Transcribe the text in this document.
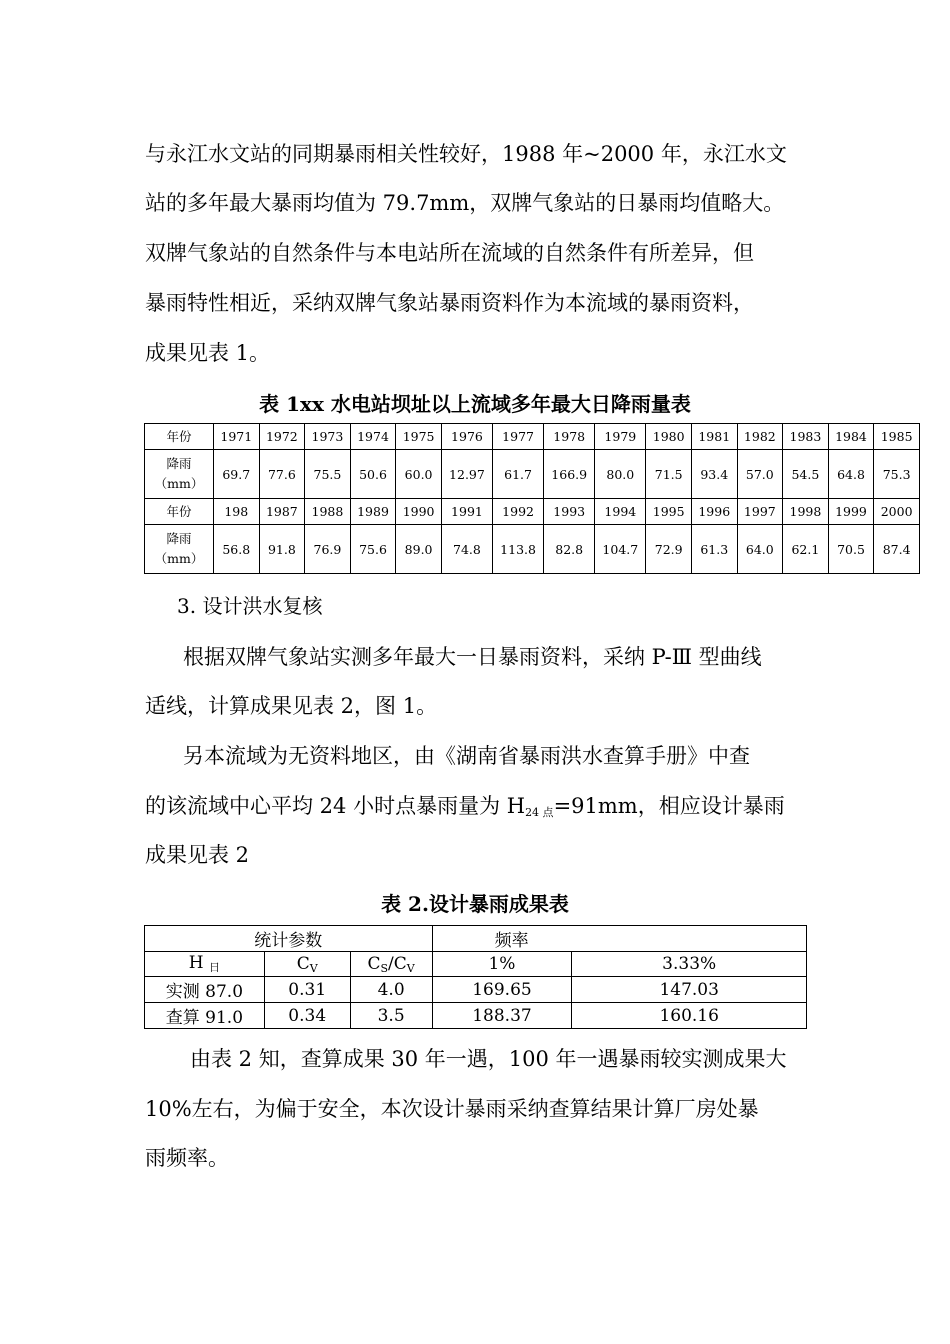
与永江水文站的同期暴雨相关性较好，1988 年~2000 年，永江水文
站的多年最大暴雨均值为 79.7mm，双牌气象站的日暴雨均值略大。
双牌气象站的自然条件与本电站所在流域的自然条件有所差异，但
暴雨特性相近，采纳双牌气象站暴雨资料作为本流域的暴雨资料，
成果见表 1。
表 1xx 水电站坝址以上流域多年最大日降雨量表
年份	1971	1972	1973	1974	1975	1976	1977	1978	1979	1980	1981	1982	1983	1984	1985
降雨
（mm）	69.7	77.6	75.5	50.6	60.0	12.97	61.7	166.9	80.0	71.5	93.4	57.0	54.5	64.8	75.3
年份	198	1987	1988	1989	1990	1991	1992	1993	1994	1995	1996	1997	1998	1999	2000
降雨
（mm）	56.8	91.8	76.9	75.6	89.0	74.8	113.8	82.8	104.7	72.9	61.3	64.0	62.1	70.5	87.4
3. 设计洪水复核
根据双牌气象站实测多年最大一日暴雨资料，采纳 P-Ⅲ 型曲线
适线，计算成果见表 2，图 1。
另本流域为无资料地区，由《湖南省暴雨洪水查算手册》中查
的该流域中心平均 24 小时点暴雨量为 $H_{24 点}=91mm$，相应设计暴雨
成果见表 2
表 2.设计暴雨成果表
统计参数			频率	
H $_日$	$C_V$	$C_S/C_V$	1%	3.33%
实测 87.0	0.31	4.0	169.65	147.03
查算 91.0	0.34	3.5	188.37	160.16
由表 2 知，查算成果 30 年一遇，100 年一遇暴雨较实测成果大
10%左右，为偏于安全，本次设计暴雨采纳查算结果计算厂房处暴
雨频率。
